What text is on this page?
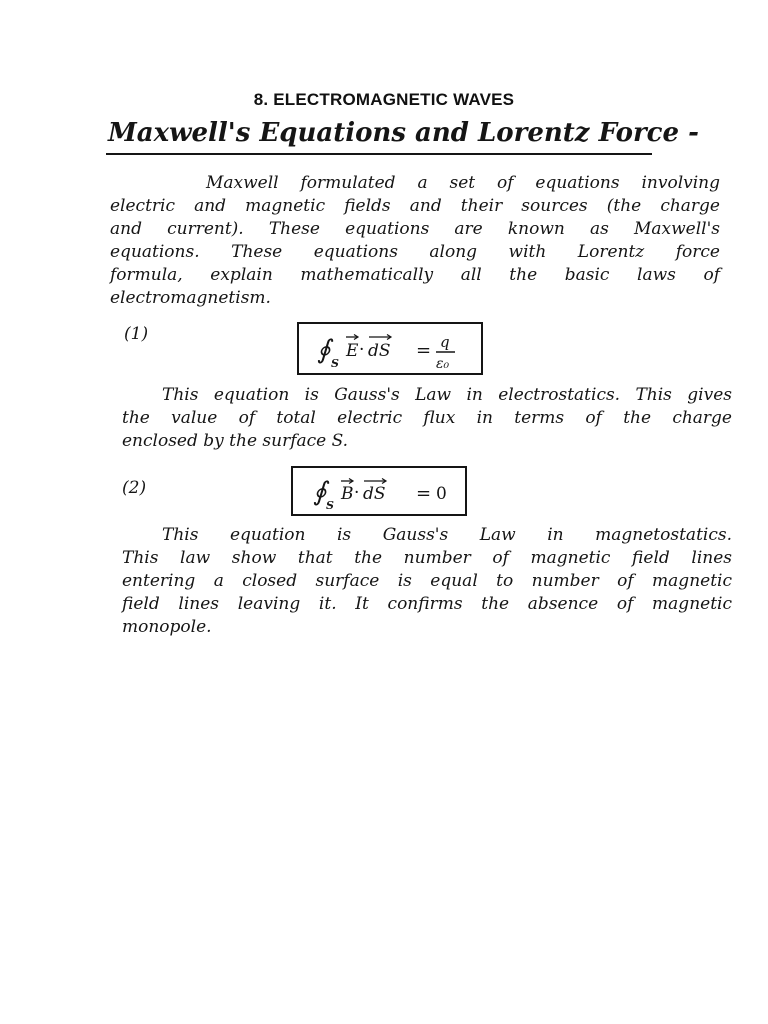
8. ELECTROMAGNETIC WAVES
Maxwell's Equations and Lorentz Force -
Maxwell formulated a set of equations involving
electric and magnetic fields and their sources (the charge
and current). These equations are known as Maxwell's
equations. These equations along with Lorentz force
formula, explain mathematically all the basic laws of
electromagnetism.
(1)
∮ S
E · dS = q
ε₀
This equation is Gauss's Law in electrostatics. This gives
the value of total electric flux in terms of the charge
enclosed by the surface S.
(2)	∮ S
B · dS = 0
This equation is Gauss's Law in magnetostatics.
This law show that the number of magnetic field lines
entering a closed surface is equal to number of magnetic
field lines leaving it. It confirms the absence of magnetic
monopole.
